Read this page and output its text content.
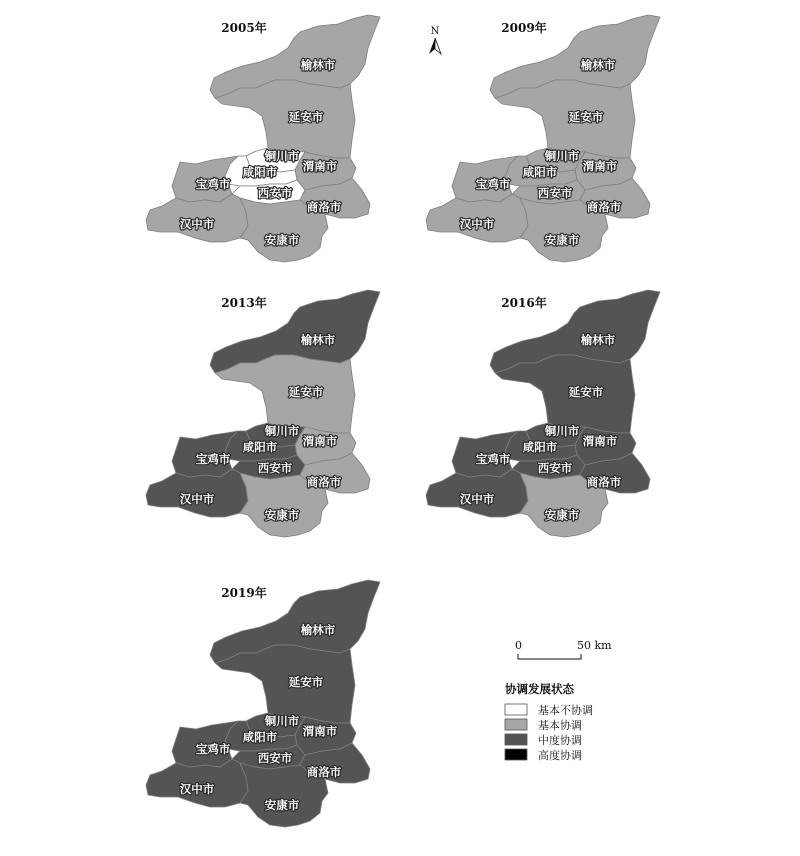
榆林市
延安市
铜川市
渭南市
咸阳市
宝鸡市
西安市
商洛市
汉中市
安康市
2005年
榆林市
延安市
铜川市
渭南市
咸阳市
宝鸡市
西安市
商洛市
汉中市
安康市
2009年
榆林市
延安市
铜川市
渭南市
咸阳市
宝鸡市
西安市
商洛市
汉中市
安康市
2013年
榆林市
延安市
铜川市
渭南市
咸阳市
宝鸡市
西安市
商洛市
汉中市
安康市
2016年
榆林市
延安市
铜川市
渭南市
咸阳市
宝鸡市
西安市
商洛市
汉中市
安康市
2019年
N
0	50 km
协调发展状态
基本不协调
基本协调
中度协调
高度协调
